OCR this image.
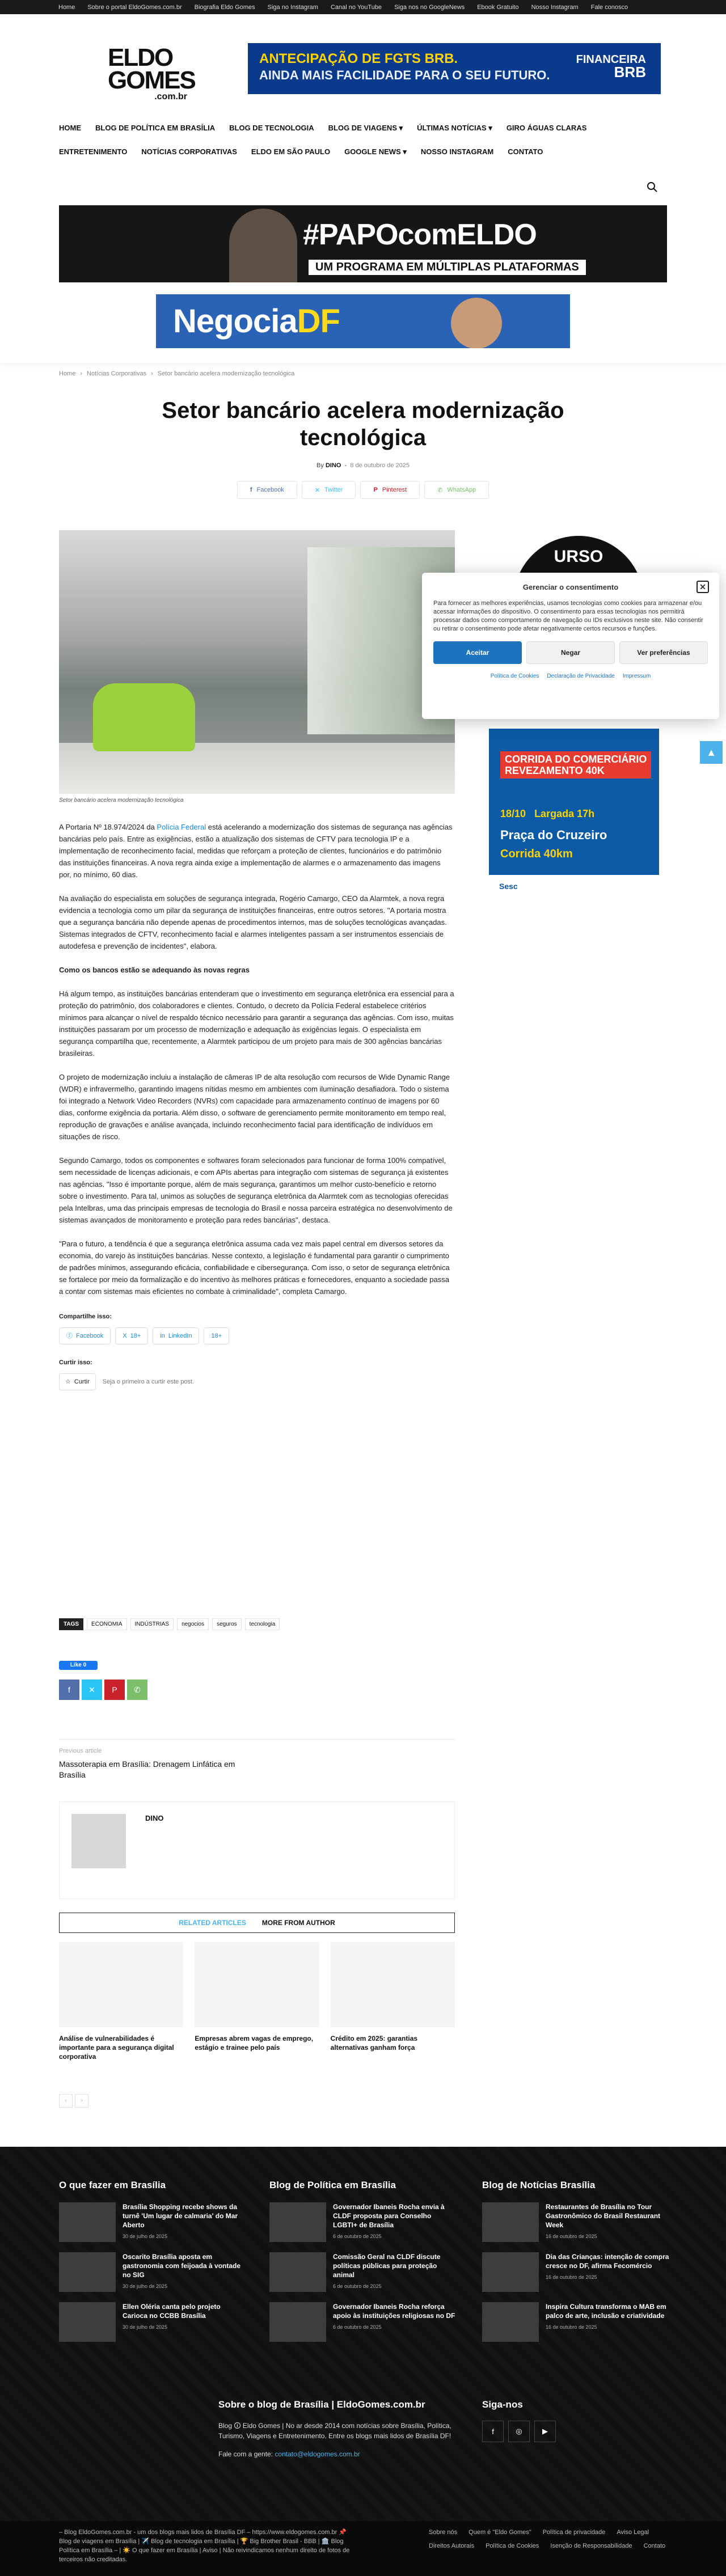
Home Sobre o portal EldoGomes.com.br Biografia Eldo Gomes Siga no Instagram Canal no YouTube Siga nos no GoogleNews Ebook Gratuito Nosso Instagram Fale conosco
ELDO
GOMES
.com.br
ANTECIPAÇÃO DE FGTS BRB.
AINDA MAIS FACILIDADE PARA O SEU FUTURO.
FINANCEIRA
BRB
HOME BLOG DE POLÍTICA EM BRASÍLIA BLOG DE TECNOLOGIA BLOG DE VIAGENS ▾ ÚLTIMAS NOTÍCIAS ▾ GIRO ÁGUAS CLARAS
ENTRETENIMENTO NOTÍCIAS CORPORATIVAS ELDO EM SÃO PAULO GOOGLE NEWS ▾ NOSSO INSTAGRAM CONTATO
#PAPOcomELDO
UM PROGRAMA EM MÚLTIPLAS PLATAFORMAS
NegociaDF
Home › Notícias Corporativas › Setor bancário acelera modernização tecnológica
Setor bancário acelera modernização tecnológica
By DINO  -  8 de outubro de 2025
f Facebook	✕ Twitter	P Pinterest	✆ WhatsApp
Setor bancário acelera modernização tecnológica

A Portaria Nº 18.974/2024 da Polícia Federal está acelerando a modernização dos sistemas de segurança nas agências bancárias pelo país. Entre as exigências, estão a atualização dos sistemas de CFTV para tecnologia IP e a implementação de reconhecimento facial, medidas que reforçam a proteção de clientes, funcionários e do patrimônio das instituições financeiras. A nova regra ainda exige a implementação de alarmes e o armazenamento das imagens por, no mínimo, 60 dias.

Na avaliação do especialista em soluções de segurança integrada, Rogério Camargo, CEO da Alarmtek, a nova regra evidencia a tecnologia como um pilar da segurança de instituições financeiras, entre outros setores. "A portaria mostra que a segurança bancária não depende apenas de procedimentos internos, mas de soluções tecnológicas avançadas. Sistemas integrados de CFTV, reconhecimento facial e alarmes inteligentes passam a ser instrumentos essenciais de autodefesa e prevenção de incidentes", elabora.

Como os bancos estão se adequando às novas regras

Há algum tempo, as instituições bancárias entenderam que o investimento em segurança eletrônica era essencial para a proteção do patrimônio, dos colaboradores e clientes. Contudo, o decreto da Polícia Federal estabelece critérios mínimos para alcançar o nível de respaldo técnico necessário para garantir a segurança das agências. Com isso, muitas instituições passaram por um processo de modernização e adequação às exigências legais. O especialista em segurança compartilha que, recentemente, a Alarmtek participou de um projeto para mais de 300 agências bancárias brasileiras.

O projeto de modernização incluiu a instalação de câmeras IP de alta resolução com recursos de Wide Dynamic Range (WDR) e infravermelho, garantindo imagens nítidas mesmo em ambientes com iluminação desafiadora. Todo o sistema foi integrado a Network Video Recorders (NVRs) com capacidade para armazenamento contínuo de imagens por 60 dias, conforme exigência da portaria. Além disso, o software de gerenciamento permite monitoramento em tempo real, reprodução de gravações e análise avançada, incluindo reconhecimento facial para identificação de indivíduos em situações de risco.

Segundo Camargo, todos os componentes e softwares foram selecionados para funcionar de forma 100% compatível, sem necessidade de licenças adicionais, e com APIs abertas para integração com sistemas de segurança já existentes nas agências. "Isso é importante porque, além de mais segurança, garantimos um melhor custo-benefício e retorno sobre o investimento. Para tal, unimos as soluções de segurança eletrônica da Alarmtek com as tecnologias oferecidas pela Intelbras, uma das principais empresas de tecnologia do Brasil e nossa parceira estratégica no desenvolvimento de sistemas avançados de monitoramento e proteção para redes bancárias", destaca.

"Para o futuro, a tendência é que a segurança eletrônica assuma cada vez mais papel central em diversos setores da economia, do varejo às instituições bancárias. Nesse contexto, a legislação é fundamental para garantir o cumprimento de padrões mínimos, assegurando eficácia, confiabilidade e cibersegurança. Com isso, o setor de segurança eletrônica se fortalece por meio da formalização e do incentivo às melhores práticas e fornecedores, enquanto a sociedade passa a contar com sistemas mais eficientes no combate à criminalidade", completa Camargo.

Compartilhe isso:
ⓕ Facebook	X 18+	in LinkedIn	18+
Curtir isso:
☆ Curtir Seja o primeiro a curtir este post.
TAGS	ECONOMIA	INDÚSTRIAS	negocios	seguros	tecnologia
Like 0
f	✕	P	✆
Previous article
Massoterapia em Brasília: Drenagem Linfática em Brasília
DINO
RELATED ARTICLES MORE FROM AUTHOR
Análise de vulnerabilidades é importante para a segurança digital corporativa
Empresas abrem vagas de emprego, estágio e trainee pelo país
Crédito em 2025: garantias alternativas ganham força
‹	›
URSO
CORRIDA DO COMERCIÁRIO
REVEZAMENTO 40K
18/10 Largada 17h
Praça do Cruzeiro
Corrida 40km
Sesc
✕
Gerenciar o consentimento
Para fornecer as melhores experiências, usamos tecnologias como cookies para armazenar e/ou acessar informações do dispositivo. O consentimento para essas tecnologias nos permitirá processar dados como comportamento de navegação ou IDs exclusivos neste site. Não consentir ou retirar o consentimento pode afetar negativamente certos recursos e funções.
Aceitar	Negar	Ver preferências
Política de Cookies Declaração de Privacidade Impressum
▲
O que fazer em Brasília
Brasília Shopping recebe shows da turnê 'Um lugar de calmaria' do Mar Aberto
30 de julho de 2025
Oscarito Brasília aposta em gastronomia com feijoada à vontade no SIG
30 de julho de 2025
Ellen Oléria canta pelo projeto Carioca no CCBB Brasília
30 de julho de 2025
Blog de Política em Brasília
Governador Ibaneis Rocha envia à CLDF proposta para Conselho LGBTI+ de Brasília
6 de outubro de 2025
Comissão Geral na CLDF discute políticas públicas para proteção animal
6 de outubro de 2025
Governador Ibaneis Rocha reforça apoio às instituições religiosas no DF
6 de outubro de 2025
Blog de Notícias Brasília
Restaurantes de Brasília no Tour Gastronômico do Brasil Restaurant Week
16 de outubro de 2025
Dia das Crianças: intenção de compra cresce no DF, afirma Fecomércio
16 de outubro de 2025
Inspira Cultura transforma o MAB em palco de arte, inclusão e criatividade
16 de outubro de 2025
Sobre o blog de Brasília | EldoGomes.com.br

Blog 🛈 Eldo Gomes | No ar desde 2014 com notícias sobre Brasília, Política, Turismo, Viagens e Entretenimento. Entre os blogs mais lidos de Brasília DF!

Fale com a gente: contato@eldogomes.com.br

Siga-nos
f	◎	▶
– Blog EldoGomes.com.br - um dos blogs mais lidos de Brasília DF – https://www.eldogomes.com.br 📌 Blog de viagens em Brasília | ✈️ Blog de tecnologia em Brasília | 🏆 Big Brother Brasil - BBB | 🏛️ Blog Política em Brasília – | ☀️ O que fazer em Brasília | Aviso | Não reivindicamos nenhum direito de fotos de terceiros não creditadas.
Sobre nós Quem é "Eldo Gomes" Política de privacidade Aviso Legal
Direitos Autorais Política de Cookies Isenção de Responsabilidade Contato
